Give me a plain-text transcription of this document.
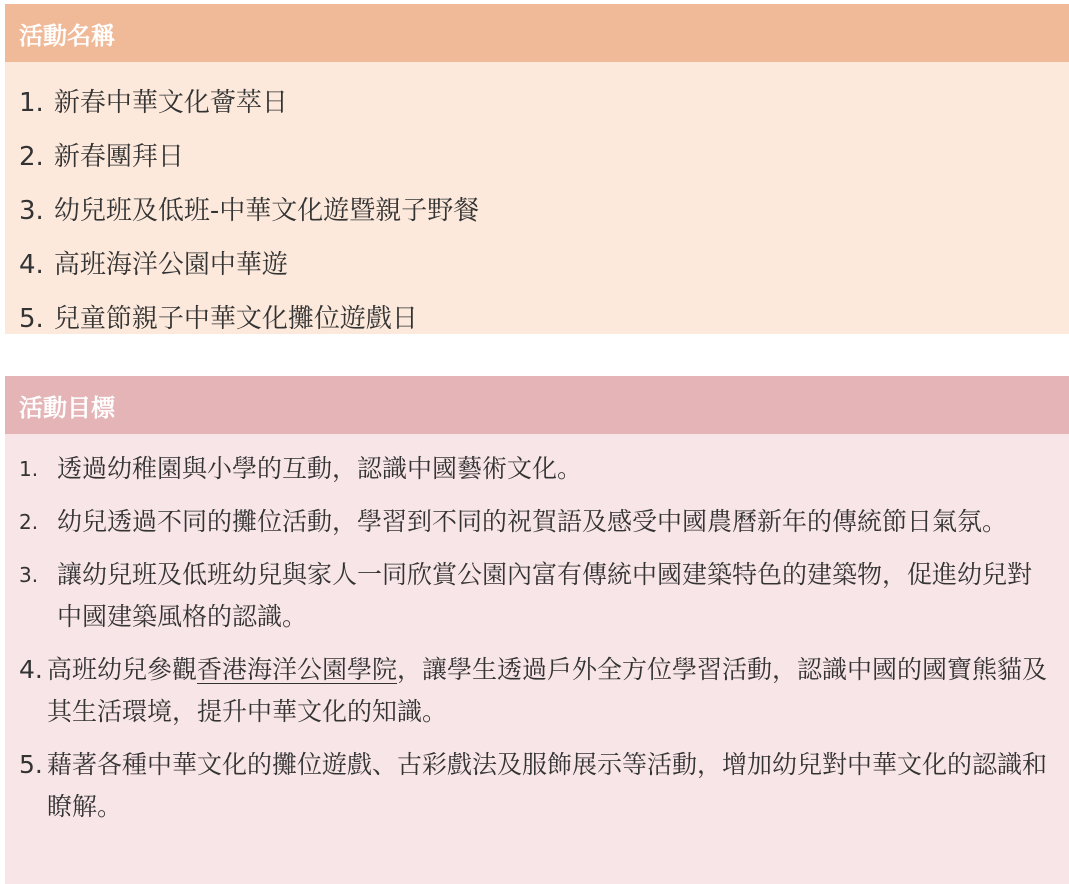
活動名稱
1. 新春中華文化薈萃日
2. 新春團拜日
3. 幼兒班及低班-中華文化遊暨親子野餐
4. 高班海洋公園中華遊
5. 兒童節親子中華文化攤位遊戲日
活動目標
1. 透過幼稚園與小學的互動，認識中國藝術文化。
2. 幼兒透過不同的攤位活動，學習到不同的祝賀語及感受中國農曆新年的傳統節日氣氛。
3. 讓幼兒班及低班幼兒與家人一同欣賞公園內富有傳統中國建築特色的建築物，促進幼兒對中國建築風格的認識。
4. 高班幼兒參觀香港海洋公園學院，讓學生透過戶外全方位學習活動，認識中國的國寶熊貓及其生活環境，提升中華文化的知識。
5. 藉著各種中華文化的攤位遊戲、古彩戲法及服飾展示等活動，增加幼兒對中華文化的認識和瞭解。
